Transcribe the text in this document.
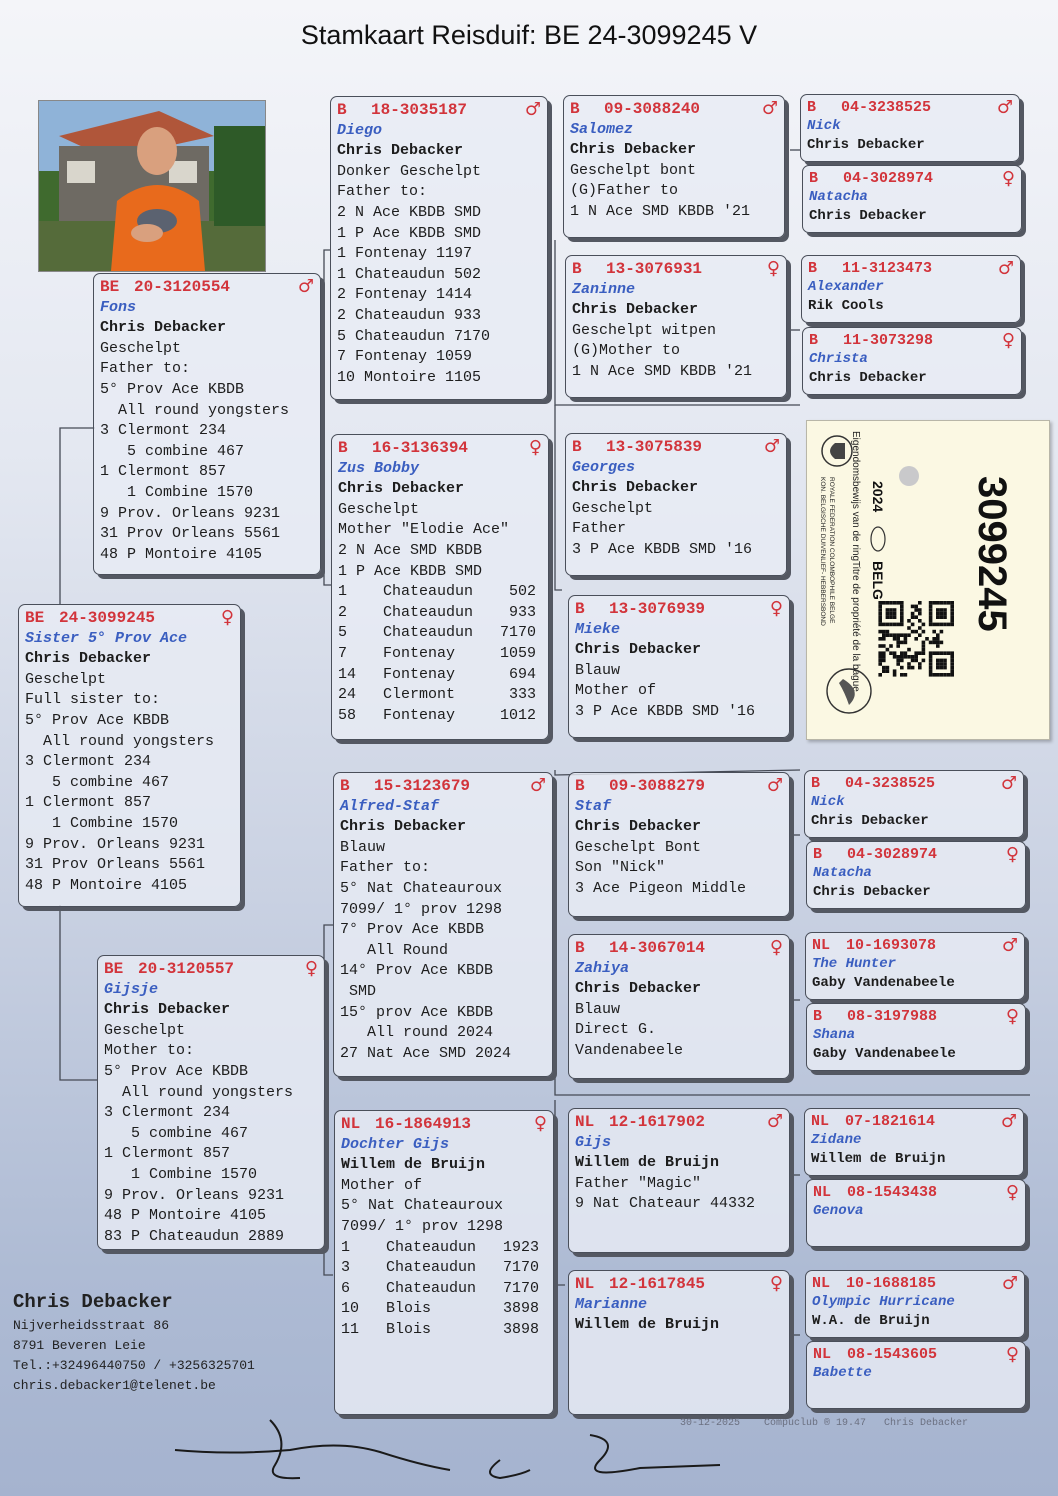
Stamkaart Reisduif: BE 24-3099245 V
B	18-3035187	♂
Diego
Chris Debacker
Donker Geschelpt
Father to:
2 N Ace KBDB SMD
1 P Ace KBDB SMD
1 Fontenay 1197
1 Chateaudun 502
2 Fontenay 1414
2 Chateaudun 933
5 Chateaudun 7170
7 Fontenay 1059
10 Montoire 1105
B	09-3088240	♂
Salomez
Chris Debacker
Geschelpt bont
(G)Father to
1 N Ace SMD KBDB '21
B	04-3238525	♂
Nick
Chris Debacker
B	04-3028974	♀
Natacha
Chris Debacker
B	13-3076931	♀
Zaninne
Chris Debacker
Geschelpt witpen
(G)Mother to
1 N Ace SMD KBDB '21
B	11-3123473	♂
Alexander
Rik Cools
B	11-3073298	♀
Christa
Chris Debacker
BE 20-3120554	♂
Fons
Chris Debacker
Geschelpt
Father to:
5° Prov Ace KBDB
All round yongsters
3 Clermont 234
5 combine 467
1 Clermont 857
1 Combine 1570
9 Prov. Orleans 9231
31 Prov Orleans 5561
48 P Montoire 4105
B	16-3136394	♀
Zus Bobby
Chris Debacker
Geschelpt
Mother "Elodie Ace"
2 N Ace SMD KBDB
1 P Ace KBDB SMD
1    Chateaudun    502
2    Chateaudun    933
5    Chateaudun   7170
7    Fontenay     1059
14   Fontenay      694
24   Clermont      333
58   Fontenay     1012
B	13-3075839	♂
Georges
Chris Debacker
Geschelpt
Father
3 P Ace KBDB SMD '16
B	13-3076939	♀
Mieke
Chris Debacker
Blauw
Mother of
3 P Ace KBDB SMD '16
BE 24-3099245	♀
Sister 5° Prov Ace
Chris Debacker
Geschelpt
Full sister to:
5° Prov Ace KBDB
All round yongsters
3 Clermont 234
5 combine 467
1 Clermont 857
1 Combine 1570
9 Prov. Orleans 9231
31 Prov Orleans 5561
48 P Montoire 4105
B	15-3123679	♂
Alfred-Staf
Chris Debacker
Blauw
Father to:
5° Nat Chateauroux
7099/ 1° prov 1298
7° Prov Ace KBDB
All Round
14° Prov Ace KBDB
SMD
15° prov Ace KBDB
All round 2024
27 Nat Ace SMD 2024
B	09-3088279	♂
Staf
Chris Debacker
Geschelpt Bont
Son "Nick"
3 Ace Pigeon Middle
B	04-3238525	♂
Nick
Chris Debacker
B	04-3028974	♀
Natacha
Chris Debacker
B	14-3067014	♀
Zahiya
Chris Debacker
Blauw
Direct G.
Vandenabeele
NL	10-1693078	♂
The Hunter
Gaby Vandenabeele
B	08-3197988	♀
Shana
Gaby Vandenabeele
BE 20-3120557	♀
Gijsje
Chris Debacker
Geschelpt
Mother to:
5° Prov Ace KBDB
All round yongsters
3 Clermont 234
5 combine 467
1 Clermont 857
1 Combine 1570
9 Prov. Orleans 9231
48 P Montoire 4105
83 P Chateaudun 2889
NL 16-1864913	♀
Dochter Gijs
Willem de Bruijn
Mother of
5° Nat Chateauroux
7099/ 1° prov 1298
1    Chateaudun   1923
3    Chateaudun   7170
6    Chateaudun   7170
10   Blois        3898
11   Blois        3898
NL 12-1617902	♂
Gijs
Willem de Bruijn
Father "Magic"
9 Nat Chateaur 44332
NL	07-1821614	♂
Zidane
Willem de Bruijn
NL	08-1543438	♀
Genova
NL 12-1617845	♀
Marianne
Willem de Bruijn
NL	10-1688185	♂
Olympic Hurricane
W.A. de Bruijn
NL	08-1543605	♀
Babette
KON. BELGISCHE DUIVENLIEF- HEBBERSBOND ROYALE FEDERATION COLOMBOPHILE BELGE Eigendomsbewijs van de ring
Titre de propriété de la bague
2024
BELG 3099245
Chris Debacker
Nijverheidsstraat 86
8791 Beveren Leie
Tel.:+32496440750 / +3256325701
chris.debacker1@telenet.be
30-12-2025    Compuclub ® 19.47   Chris Debacker
